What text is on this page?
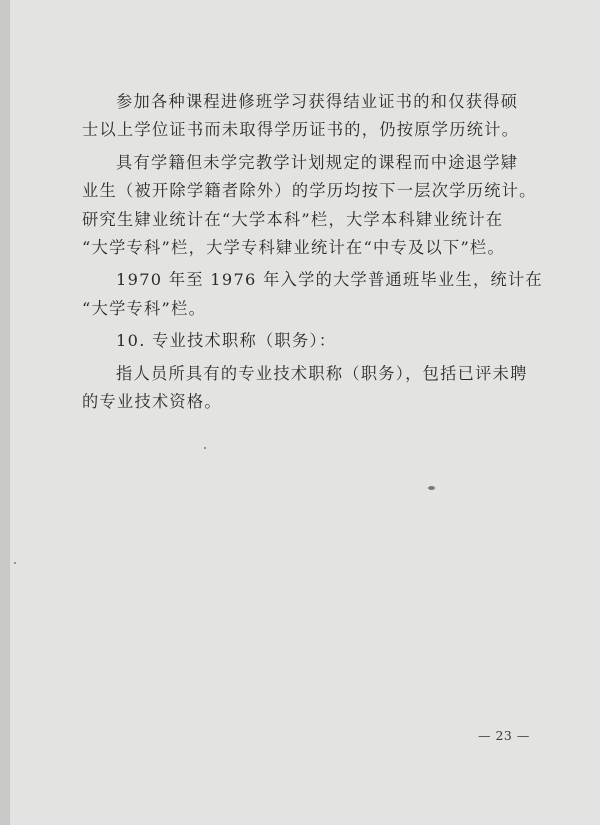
参加各种课程进修班学习获得结业证书的和仅获得硕
士以上学位证书而未取得学历证书的，仍按原学历统计。
具有学籍但未学完教学计划规定的课程而中途退学肄
业生（被开除学籍者除外）的学历均按下一层次学历统计。
研究生肄业统计在“大学本科”栏，大学本科肄业统计在
“大学专科”栏，大学专科肄业统计在“中专及以下”栏。
1970 年至 1976 年入学的大学普通班毕业生，统计在
“大学专科”栏。
10. 专业技术职称（职务）：
指人员所具有的专业技术职称（职务），包括已评未聘
的专业技术资格。
— 23 —
